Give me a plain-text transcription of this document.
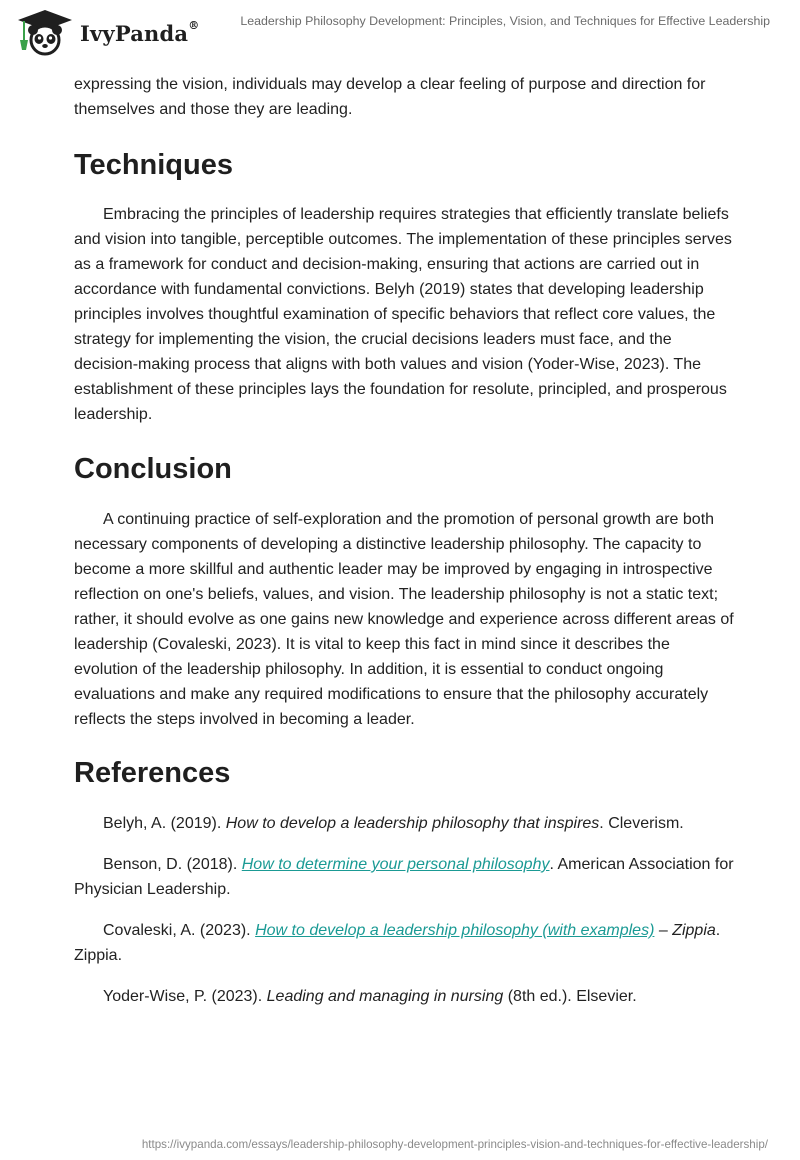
IvyPanda®	Leadership Philosophy Development: Principles, Vision, and Techniques for Effective Leadership

expressing the vision, individuals may develop a clear feeling of purpose and direction for themselves and those they are leading.

Techniques

Embracing the principles of leadership requires strategies that efficiently translate beliefs and vision into tangible, perceptible outcomes. The implementation of these principles serves as a framework for conduct and decision-making, ensuring that actions are carried out in accordance with fundamental convictions. Belyh (2019) states that developing leadership principles involves thoughtful examination of specific behaviors that reflect core values, the strategy for implementing the vision, the crucial decisions leaders must face, and the decision-making process that aligns with both values and vision (Yoder-Wise, 2023). The establishment of these principles lays the foundation for resolute, principled, and prosperous leadership.

Conclusion

A continuing practice of self-exploration and the promotion of personal growth are both necessary components of developing a distinctive leadership philosophy. The capacity to become a more skillful and authentic leader may be improved by engaging in introspective reflection on one's beliefs, values, and vision. The leadership philosophy is not a static text; rather, it should evolve as one gains new knowledge and experience across different areas of leadership (Covaleski, 2023). It is vital to keep this fact in mind since it describes the evolution of the leadership philosophy. In addition, it is essential to conduct ongoing evaluations and make any required modifications to ensure that the philosophy accurately reflects the steps involved in becoming a leader.

References

Belyh, A. (2019). How to develop a leadership philosophy that inspires. Cleverism.

Benson, D. (2018). How to determine your personal philosophy. American Association for Physician Leadership.

Covaleski, A. (2023). How to develop a leadership philosophy (with examples) – Zippia. Zippia.

Yoder-Wise, P. (2023). Leading and managing in nursing (8th ed.). Elsevier.

https://ivypanda.com/essays/leadership-philosophy-development-principles-vision-and-techniques-for-effective-leadership/
